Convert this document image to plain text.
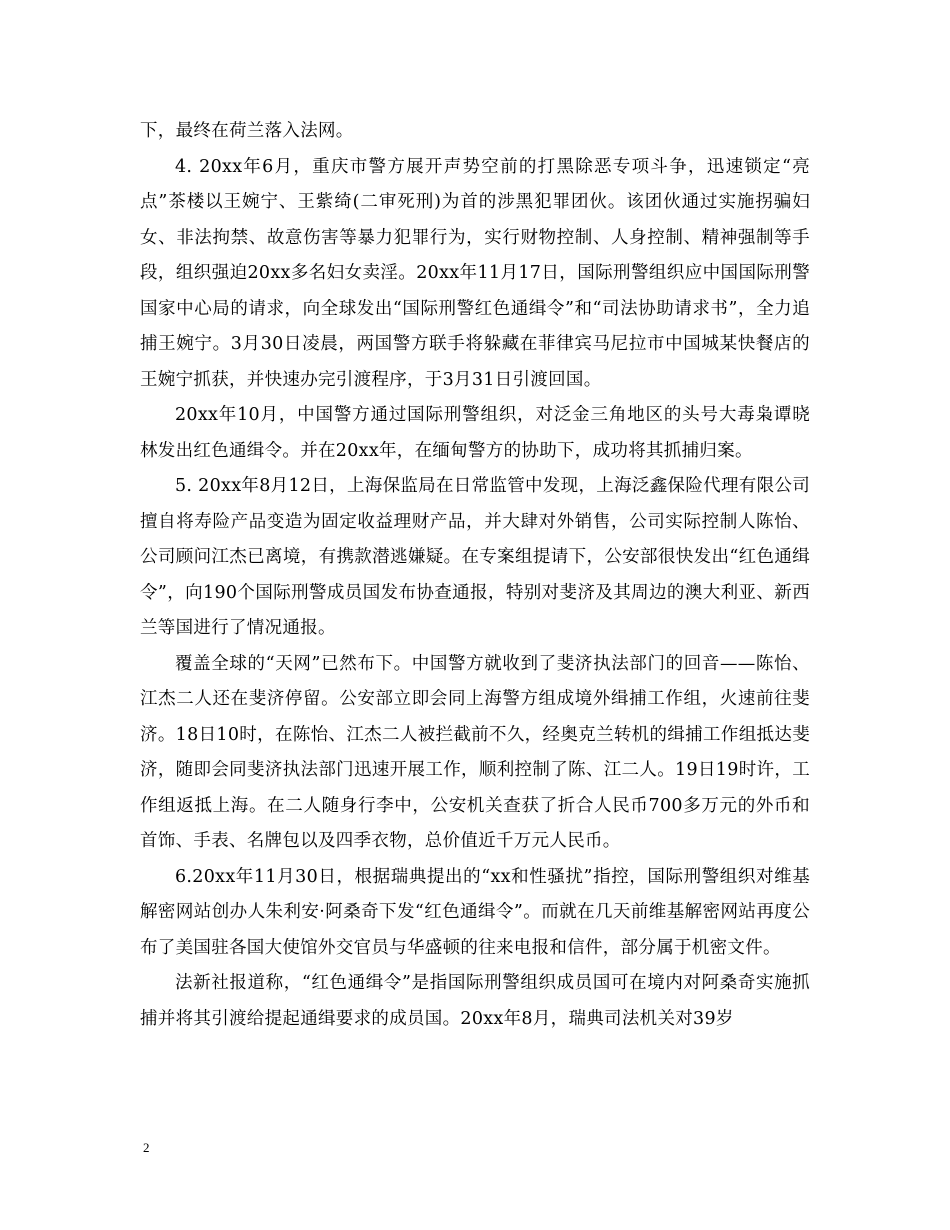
下，最终在荷兰落入法网。

4. 20xx年6月，重庆市警方展开声势空前的打黑除恶专项斗争，迅速锁定“亮点”茶楼以王婉宁、王紫绮(二审死刑)为首的涉黑犯罪团伙。该团伙通过实施拐骗妇女、非法拘禁、故意伤害等暴力犯罪行为，实行财物控制、人身控制、精神强制等手段，组织强迫20xx多名妇女卖淫。20xx年11月17日，国际刑警组织应中国国际刑警国家中心局的请求，向全球发出“国际刑警红色通缉令”和“司法协助请求书”，全力追捕王婉宁。3月30日凌晨，两国警方联手将躲藏在菲律宾马尼拉市中国城某快餐店的王婉宁抓获，并快速办完引渡程序，于3月31日引渡回国。

20xx年10月，中国警方通过国际刑警组织，对泛金三角地区的头号大毒枭谭晓林发出红色通缉令。并在20xx年，在缅甸警方的协助下，成功将其抓捕归案。

5. 20xx年8月12日，上海保监局在日常监管中发现，上海泛鑫保险代理有限公司擅自将寿险产品变造为固定收益理财产品，并大肆对外销售，公司实际控制人陈怡、公司顾问江杰已离境，有携款潜逃嫌疑。在专案组提请下，公安部很快发出“红色通缉令”，向190个国际刑警成员国发布协查通报，特别对斐济及其周边的澳大利亚、新西兰等国进行了情况通报。

覆盖全球的“天网”已然布下。中国警方就收到了斐济执法部门的回音——陈怡、江杰二人还在斐济停留。公安部立即会同上海警方组成境外缉捕工作组，火速前往斐济。18日10时，在陈怡、江杰二人被拦截前不久，经奥克兰转机的缉捕工作组抵达斐济，随即会同斐济执法部门迅速开展工作，顺利控制了陈、江二人。19日19时许，工作组返抵上海。在二人随身行李中，公安机关查获了折合人民币700多万元的外币和首饰、手表、名牌包以及四季衣物，总价值近千万元人民币。

6.20xx年11月30日，根据瑞典提出的“xx和性骚扰”指控，国际刑警组织对维基解密网站创办人朱利安·阿桑奇下发“红色通缉令”。而就在几天前维基解密网站再度公布了美国驻各国大使馆外交官员与华盛顿的往来电报和信件，部分属于机密文件。

法新社报道称，“红色通缉令”是指国际刑警组织成员国可在境内对阿桑奇实施抓捕并将其引渡给提起通缉要求的成员国。20xx年8月，瑞典司法机关对39岁

2
